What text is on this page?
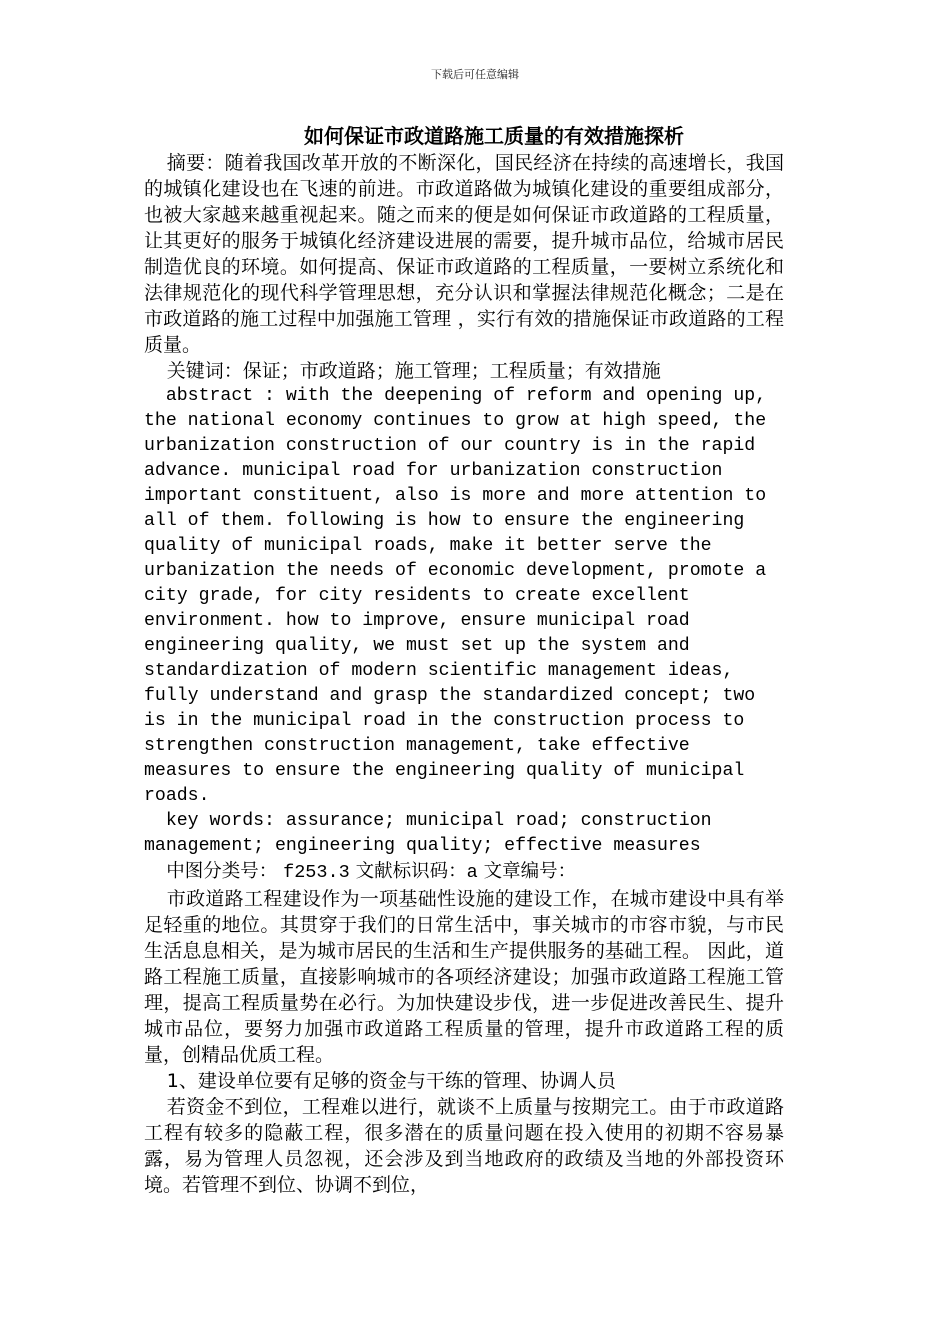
下载后可任意编辑
如何保证市政道路施工质量的有效措施探析

摘要：随着我国改革开放的不断深化，国民经济在持续的高速增长，我国的城镇化建设也在飞速的前进。市政道路做为城镇化建设的重要组成部分，也被大家越来越重视起来。随之而来的便是如何保证市政道路的工程质量，让其更好的服务于城镇化经济建设进展的需要，提升城市品位，给城市居民制造优良的环境。如何提高、保证市政道路的工程质量，一要树立系统化和法律规范化的现代科学管理思想，充分认识和掌握法律规范化概念；二是在市政道路的施工过程中加强施工管理 ，实行有效的措施保证市政道路的工程质量。

关键词：保证；市政道路；施工管理；工程质量；有效措施

abstract : with the deepening of reform and opening up, the national economy continues to grow at high speed, the urbanization construction of our country is in the rapid advance. municipal road for urbanization construction important constituent, also is more and more attention to all of them. following is how to ensure the engineering quality of municipal roads, make it better serve the urbanization the needs of economic development, promote a city grade, for city residents to create excellent environment. how to improve, ensure municipal road engineering quality, we must set up the system and standardization of modern scientific management ideas, fully understand and grasp the standardized concept; two is in the municipal road in the construction process to strengthen construction management, take effective measures to ensure the engineering quality of municipal roads.

key words: assurance; municipal road; construction management; engineering quality; effective measures

中图分类号： f253.3 文献标识码：a 文章编号：

市政道路工程建设作为一项基础性设施的建设工作，在城市建设中具有举足轻重的地位。其贯穿于我们的日常生活中，事关城市的市容市貌，与市民生活息息相关，是为城市居民的生活和生产提供服务的基础工程。 因此，道路工程施工质量，直接影响城市的各项经济建设；加强市政道路工程施工管理，提高工程质量势在必行。为加快建设步伐，进一步促进改善民生、提升城市品位，要努力加强市政道路工程质量的管理，提升市政道路工程的质量，创精品优质工程。

1、建设单位要有足够的资金与干练的管理、协调人员

若资金不到位，工程难以进行，就谈不上质量与按期完工。由于市政道路工程有较多的隐蔽工程，很多潜在的质量问题在投入使用的初期不容易暴露，易为管理人员忽视，还会涉及到当地政府的政绩及当地的外部投资环境。若管理不到位、协调不到位，
